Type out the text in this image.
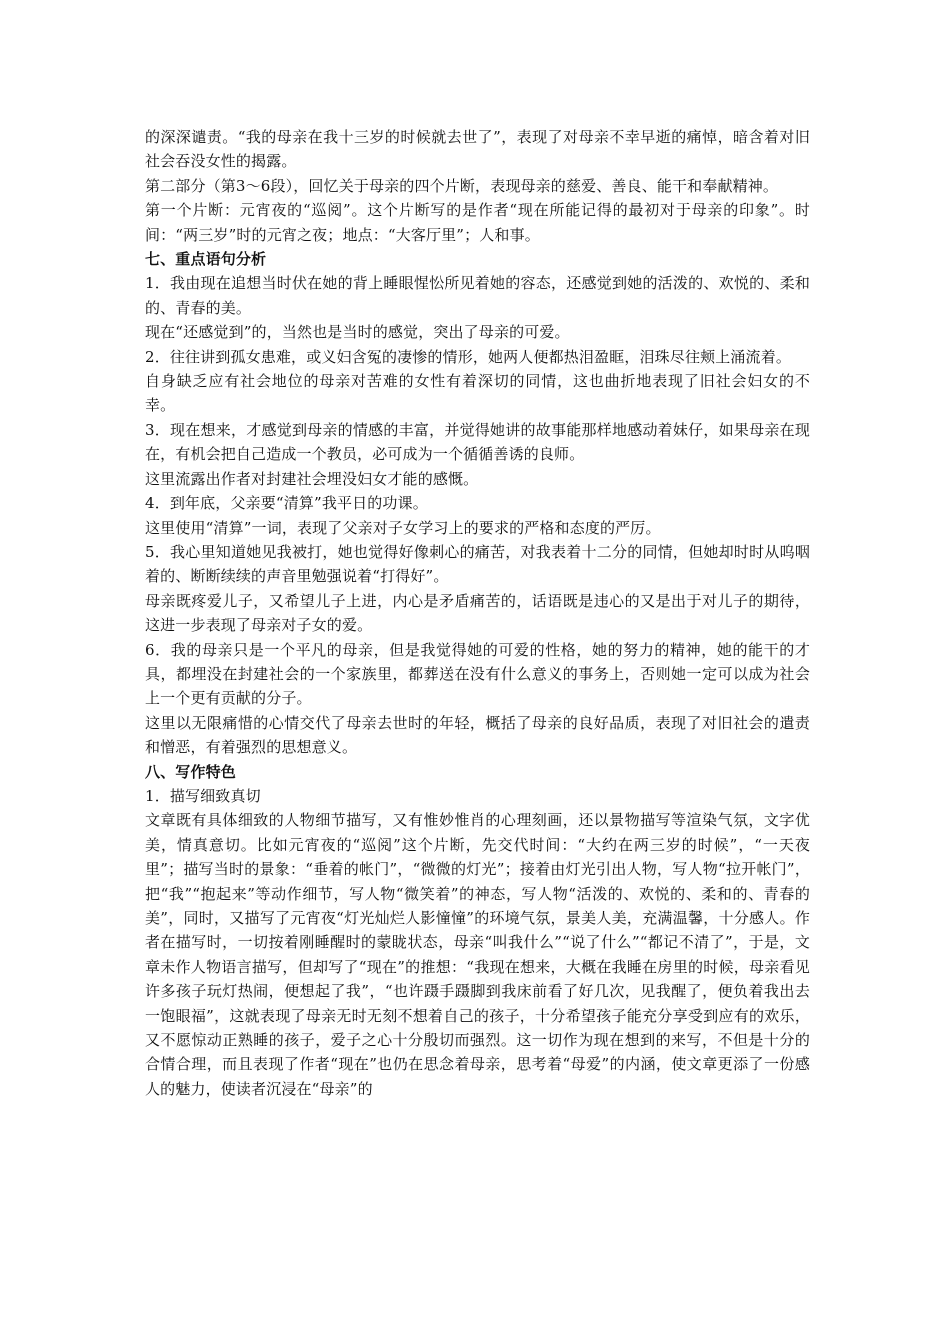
的深深谴责。“我的母亲在我十三岁的时候就去世了”，表现了对母亲不幸早逝的痛悼，暗含着对旧社会吞没女性的揭露。

第二部分（第3～6段），回忆关于母亲的四个片断，表现母亲的慈爱、善良、能干和奉献精神。

第一个片断：元宵夜的“巡阅”。这个片断写的是作者“现在所能记得的最初对于母亲的印象”。时间：“两三岁”时的元宵之夜；地点：“大客厅里”；人和事。

七、重点语句分析

1．我由现在追想当时伏在她的背上睡眼惺忪所见着她的容态，还感觉到她的活泼的、欢悦的、柔和的、青春的美。

现在“还感觉到”的，当然也是当时的感觉，突出了母亲的可爱。

2．往往讲到孤女患难，或义妇含冤的凄惨的情形，她两人便都热泪盈眶，泪珠尽往颊上涌流着。

自身缺乏应有社会地位的母亲对苦难的女性有着深切的同情，这也曲折地表现了旧社会妇女的不幸。

3．现在想来，才感觉到母亲的情感的丰富，并觉得她讲的故事能那样地感动着妹仔，如果母亲在现在，有机会把自己造成一个教员，必可成为一个循循善诱的良师。

这里流露出作者对封建社会埋没妇女才能的感慨。

4．到年底，父亲要“清算”我平日的功课。

这里使用“清算”一词，表现了父亲对子女学习上的要求的严格和态度的严厉。

5．我心里知道她见我被打，她也觉得好像刺心的痛苦，对我表着十二分的同情，但她却时时从呜咽着的、断断续续的声音里勉强说着“打得好”。

母亲既疼爱儿子，又希望儿子上进，内心是矛盾痛苦的，话语既是违心的又是出于对儿子的期待，这进一步表现了母亲对子女的爱。

6．我的母亲只是一个平凡的母亲，但是我觉得她的可爱的性格，她的努力的精神，她的能干的才具，都埋没在封建社会的一个家族里，都葬送在没有什么意义的事务上，否则她一定可以成为社会上一个更有贡献的分子。

这里以无限痛惜的心情交代了母亲去世时的年轻，概括了母亲的良好品质，表现了对旧社会的遣责和憎恶，有着强烈的思想意义。

八、写作特色

1．描写细致真切

文章既有具体细致的人物细节描写，又有惟妙惟肖的心理刻画，还以景物描写等渲染气氛，文字优美，情真意切。比如元宵夜的“巡阅”这个片断，先交代时间：“大约在两三岁的时候”，“一天夜里”；描写当时的景象：“垂着的帐门”，“微微的灯光”；接着由灯光引出人物，写人物“拉开帐门”，把“我”“抱起来”等动作细节，写人物“微笑着”的神态，写人物“活泼的、欢悦的、柔和的、青春的美”，同时，又描写了元宵夜“灯光灿烂人影憧憧”的环境气氛，景美人美，充满温馨，十分感人。作者在描写时，一切按着刚睡醒时的蒙眬状态，母亲“叫我什么”“说了什么”“都记不清了”，于是，文章未作人物语言描写，但却写了“现在”的推想：“我现在想来，大概在我睡在房里的时候，母亲看见许多孩子玩灯热闹，便想起了我”，“也许蹑手蹑脚到我床前看了好几次，见我醒了，便负着我出去一饱眼福”，这就表现了母亲无时无刻不想着自己的孩子，十分希望孩子能充分享受到应有的欢乐，又不愿惊动正熟睡的孩子，爱子之心十分殷切而强烈。这一切作为现在想到的来写，不但是十分的合情合理，而且表现了作者“现在”也仍在思念着母亲，思考着“母爱”的内涵，使文章更添了一份感人的魅力，使读者沉浸在“母亲”的
